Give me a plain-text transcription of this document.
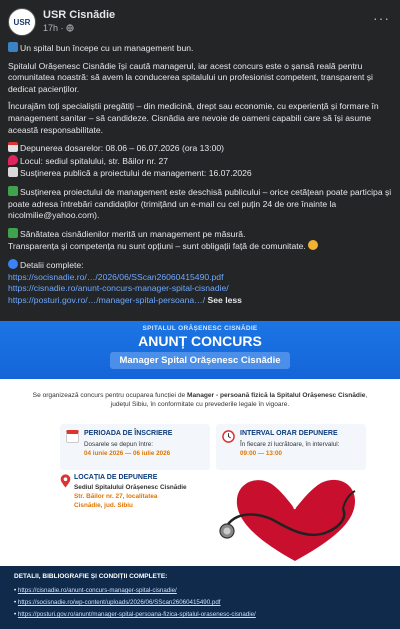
USR
USR Cisnădie
17h ·
···

Un spital bun începe cu un management bun.

Spitalul Orășenesc Cisnădie își caută managerul, iar acest concurs este o șansă reală pentru comunitatea noastră: să avem la conducerea spitalului un profesionist competent, transparent și dedicat pacienților.

Încurajăm toți specialiștii pregătiți – din medicină, drept sau economie, cu experiență și formare în management sanitar – să candideze. Cisnădia are nevoie de oameni capabili care să își asume această responsabilitate.

Depunerea dosarelor: 08.06 – 06.07.2026 (ora 13:00)
Locul: sediul spitalului, str. Băilor nr. 27

Susținerea publică a proiectului de management: 16.07.2026

Susținerea proiectului de management este deschisă publicului – orice cetățean poate participa și poate adresa întrebări candidaților (trimițând un e-mail cu cel puțin 24 de ore înainte la nicolmilie@yahoo.com).

Sănătatea cisnădienilor merită un management pe măsură.

Transparența și competența nu sunt opțiuni – sunt obligații față de comunitate.

Detalii complete:
https://socisnadie.ro/…/2026/06/SScan26060415490.pdf
https://cisnadie.ro/anunt-concurs-manager-spital-cisnadie/
https://posturi.gov.ro/…/manager-spital-persoana…/ See less
SPITALUL ORĂȘENESC CISNĂDIE
ANUNȚ CONCURS
Manager Spital Orășenesc Cisnădie
Se organizează concurs pentru ocuparea funcției de Manager - persoană fizică la Spitalul Orășenesc Cisnădie, județul Sibiu, în conformitate cu prevederile legale în vigoare.
PERIOADA DE ÎNSCRIERE
Dosarele se depun între:
04 iunie 2026 — 06 iulie 2026
INTERVAL ORAR DEPUNERE
În fiecare zi lucrătoare, în intervalul:
09:00 — 13:00
LOCAȚIA DE DEPUNERE
Sediul Spitalului Orășenesc Cisnădie
Str. Băilor nr. 27, localitatea
Cisnădie, jud. Sibiu
DETALII, BIBLIOGRAFIE ȘI CONDIȚII COMPLETE:
• https://cisnadie.ro/anunt-concurs-manager-spital-cisnadie/
• https://socisnadie.ro/wp-content/uploads/2026/06/SScan26060415490.pdf
• https://posturi.gov.ro/anunt/manager-spital-persoana-fizica-spitalul-orasenesc-cisnadie/
